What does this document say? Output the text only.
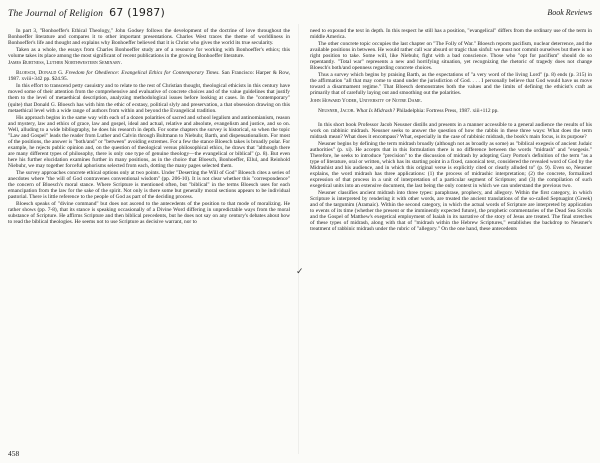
The Journal of Religion 67 (1987)	Book Reviews

In part 3, "Bonhoeffer's Ethical Theology," John Godsey follows the development of the doctrine of love throughout the Bonhoeffer literature and compares it to other important presentations. Charles West traces the theme of worldliness in Bonhoeffer's life and thought and explains why Bonhoeffer believed that it is Christ who gives the world its true secularity.

Taken as a whole, the essays from Charles Bonhoeffer study are of a resource for working with Bonhoeffer's ethics; this volume takes its place among the most significant of recent publications in the growing Bonhoeffer literature.

James Burtness, Luther Northwestern Seminary.

Bloesch, Donald G. Freedom for Obedience: Evangelical Ethics for Contemporary Times. San Francisco: Harper & Row, 1987. xviii+342 pp. $24.95.

In this effort to transcend petty casuistry and to relate to the rest of Christian thought, theological ethicists in this century have moved some of their attention from the comprehensive and evaluative of concrete choices and of the value guidelines that justify them to the level of metaethical description, analyzing methodological issues before looking at cases. In the "contemporary" (quite) that Donald G. Bloesch has with him the ethic of ecstasy, political slyly and preservation, a that obsession drawing on this metaethical level with a wide range of authors from within and beyond the Evangelical tradition.

His approach begins in the same way with each of a dozen polarities of sacred and school legalism and antinomianism, reason and mystery, law and ethics of grace, law and gospel, ideal and actual, relative and absolute, evangelism and justice, and so on. Well, alluding to a wide bibliography, he does his research in depth. For some chapters the survey is historical, so when the topic "Law and Gospel" leads the reader from Luther and Calvin through Bultmann to Niebuhr, Barth, and dispensationalism. For most of the positions, the answer is "both/and" or "between" avoiding extremes. For a few the stance Bloesch takes is broadly polar. For example, he rejects public opinion and, on the question of theological versus philosophical ethics, he draws that "although there are many different types of philosophy, there is only one type of genuine theology—the evangelical or biblical" (p. 8). But even here his further elucidation examines further in many positions, as in the choice that Bloesch, Bonhoeffer, Ellul, and Reinhold Niebuhr, we may together forceful aphorisms selected from each, dotting the many pages selected them.

The survey approaches concrete ethical options only at two points. Under "Deserting the Will of God" Bloesch cites a series of anecdotes where "the will of God contravenes conventional wisdom" (pp. 206-10). It is not clear whether this "correspondence" the concern of Bloesch's moral stance. Where Scripture is mentioned often, but "biblical" in the terms Bloesch uses for each emancipation from the law for the sake of the spirit. Not only is there some but generally moral sections appears to be individual pastorial. There is little reference to the people of God as part of the deciding process.

Bloesch speaks of "divine command" but does not ascend to the antecedents of the position to that mode of moralizing. He rather shows (pp. 7-8), that its stance is speaking occasionally of a Divine Word differing in unpredictable ways from the moral substance of Scripture. He affirms Scripture and then biblical precedents, but he does not say on any century's debates about how to read the biblical theologies. He seems not to use Scripture as decisive warrant, nor to

need to expound the text in depth. In this respect he still has a position, "evangelical" differs from the ordinary use of the term in middle America.

The other concrete topic occupies the last chapter on "The Folly of War." Bloesch reports pacifism, nuclear deterrence, and the available positions in between. He would rather call war absurd or tragic than sinful: we must not commit ourselves but there is no right position to take. Some will, like Niebuhr, fight with a bad conscience. Those who "opt for pacifism" should do so repentantly. "Total war" represents a new and horrifying situation, yet recognizing the rhetoric of tragedy does not change Bloesch's both/and openness regarding concrete choices.

Thus a survey which begins by praising Barth, as the expectations of "a very word of the living Lord" (p. 8) ends (p. 315) in the affirmation "all that may come to stand under the jurisdiction of God. . . . I personally believe that God would have us move toward a disarmament regime." That Bloesch demonstrates both the values and the limits of defining the ethicist's craft as primarily that of carefully laying out and smoothing out the polarities.

John Howard Yoder, University of Notre Dame.

Neusner, Jacob. What Is Midrash? Philadelphia: Fortress Press, 1987. xiii+112 pp.

In this short book Professor Jacob Neusner distills and presents in a manner accessible to a general audience the results of his work on rabbinic midrash. Neusner seeks to answer the question of how the rabbis in these three ways: What does the term midrash mean? What does it encompass? What, especially in the case of rabbinic midrash, the book's main focus, is its purpose?

Neusner begins by defining the term midrash broadly (although not as broadly as some) as "biblical exegesis of ancient Judaic authorities" (p. xi). He accepts that in this formulation there is no difference between the words "midrash" and "exegesis." Therefore, he seeks to introduce "precision" to the discussion of midrash by adopting Gary Porton's definition of the term "as a type of literature, oral or written, which has its starting point in a fixed, canonical text, considered the revealed word of God by the Midrashist and his audience, and in which this original verse is explicitly cited or clearly alluded to" (p. 9). Even so, Neusner explains, the word midrash has three applications: (1) the process of midrashic interpretation; (2) the concrete, formalized expression of that process in a unit of interpretation of a particular segment of Scripture; and (3) the compilation of such exegetical units into an extensive document, the last being the only context in which we can understand the previous two.

Neusner classifies ancient midrash into three types: paraphrase, prophecy, and allegory. Within the first category, in which Scripture is interpreted by rendering it with other words, are treated the ancient translations of the so-called Septuagint (Greek) and of the targumim (Aramaic). Within the second category, in which the actual words of Scripture are interpreted by application to events of its time (whether the present or the imminently expected future), the prophetic commentaries of the Dead Sea Scrolls and the Gospel of Matthew's exegetical employment of Isaiah in its narrative of the story of Jesus are treated. The final stretches of these types of midrash, along with that of "midrash within the Hebrew Scriptures," establishes the backdrop to Neusner's treatment of rabbinic midrash under the rubric of "allegory." On the one hand, these antecedents

✓
458
